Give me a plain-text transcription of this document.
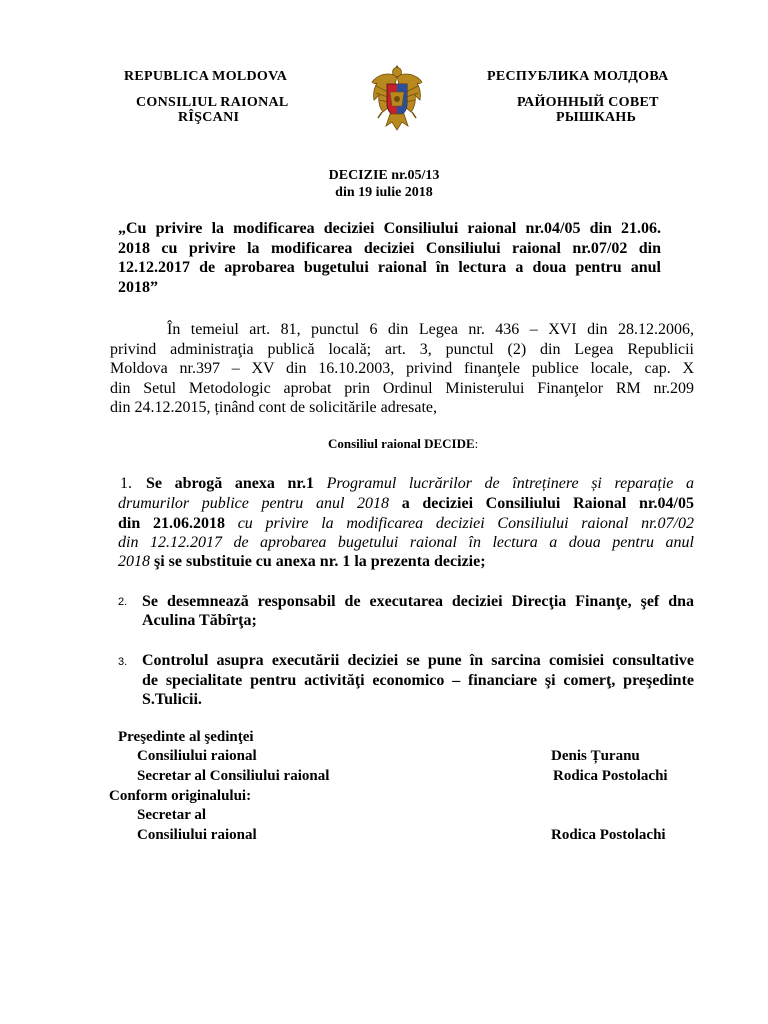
REPUBLICA MOLDOVA
CONSILIUL RAIONAL
RÎŞCANI
РЕСПУБЛИКА МОЛДОВА
РАЙОННЫЙ СОВЕТ
РЫШКАНЬ
DECIZIE nr.05/13
din 19 iulie 2018
„Cu privire la modificarea deciziei Consiliului raional nr.04/05 din 21.06.
2018 cu privire la modificarea deciziei Consiliului raional nr.07/02 din
12.12.2017 de aprobarea bugetului raional în lectura a doua pentru anul
2018”
În temeiul art. 81, punctul 6 din Legea nr. 436 – XVI din 28.12.2006,
privind administraţia publică locală; art. 3, punctul (2) din Legea Republicii
Moldova nr.397 – XV din 16.10.2003, privind finanţele publice locale, cap. X
din Setul Metodologic aprobat prin Ordinul Ministerului Finanţelor RM nr.209
din 24.12.2015, ținând cont de solicitările adresate,
Consiliul raional DECIDE:
1. Se abrogă anexa nr.1 Programul lucrărilor de întreținere și reparație a
drumurilor publice pentru anul 2018 a deciziei Consiliului Raional nr.04/05
din 21.06.2018 cu privire la modificarea deciziei Consiliului raional nr.07/02
din 12.12.2017 de aprobarea bugetului raional în lectura a doua pentru anul
2018 şi se substituie cu anexa nr. 1 la prezenta decizie;
2. Se desemnează responsabil de executarea deciziei Direcţia Finanţe, şef dna
Aculina Tăbîrţa;
3. Controlul asupra executării deciziei se pune în sarcina comisiei consultative
de specialitate pentru activităţi economico – financiare şi comerţ, preşedinte
S.Tulicii.
Preşedinte al şedinţei
Consiliului raional	Denis Țuranu
Secretar al Consiliului raional	Rodica Postolachi
Conform originalului:
Secretar al
Consiliului raional	Rodica Postolachi
